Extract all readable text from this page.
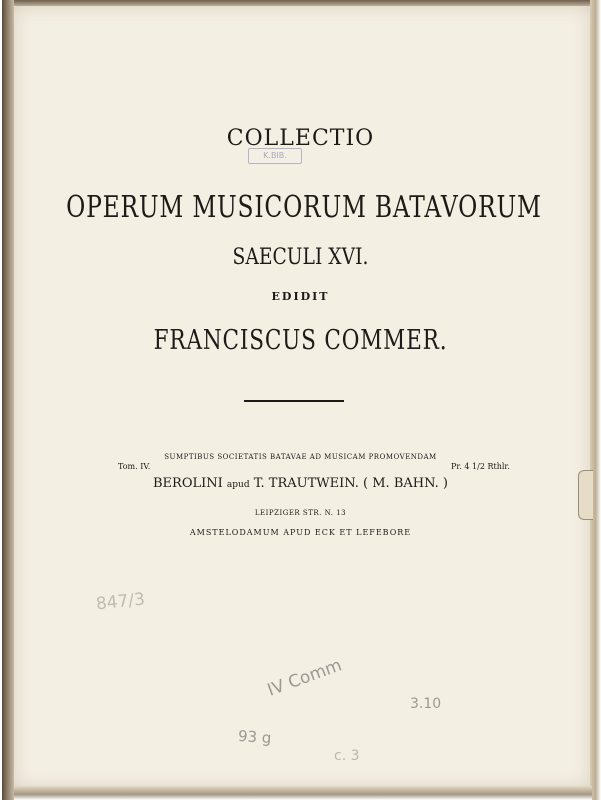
K.BIB.
COLLECTIO
OPERUM MUSICORUM BATAVORUM
SAECULI XVI.
EDIDIT
FRANCISCUS COMMER.
SUMPTIBUS SOCIETATIS BATAVAE AD MUSICAM PROMOVENDAM
BEROLINI apud T. TRAUTWEIN. ( M. BAHN. )
LEIPZIGER STR. N. 13
AMSTELODAMUM APUD ECK ET LEFEBORE
Tom. IV.	Pr. 4 1/2 Rthlr.
847/3
IV Comm
3.10
93 g
c. 3
